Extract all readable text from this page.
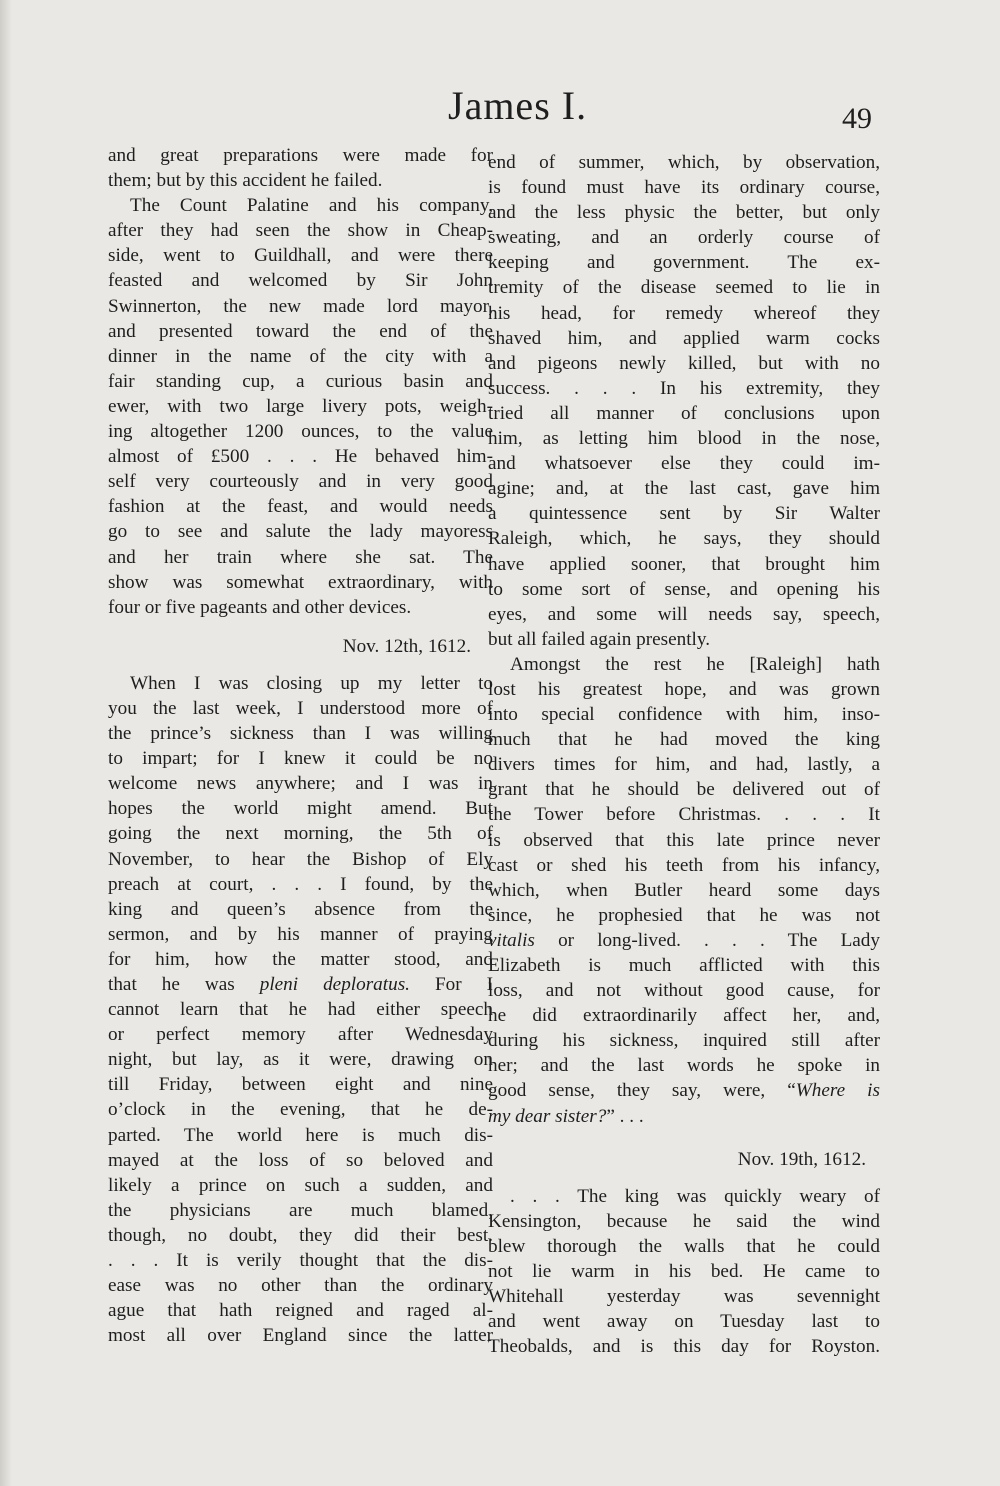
James I.	49

and great preparations were made for
them; but by this accident he failed.

The Count Palatine and his company,
after they had seen the show in Cheap-
side, went to Guildhall, and were there
feasted and welcomed by Sir John
Swinnerton, the new made lord mayor,
and presented toward the end of the
dinner in the name of the city with a
fair standing cup, a curious basin and
ewer, with two large livery pots, weigh-
ing altogether 1200 ounces, to the value
almost of £500 . . . He behaved him-
self very courteously and in very good
fashion at the feast, and would needs
go to see and salute the lady mayoress
and her train where she sat. The
show was somewhat extraordinary, with
four or five pageants and other devices.

Nov. 12th, 1612.

When I was closing up my letter to
you the last week, I understood more of
the prince’s sickness than I was willing
to impart; for I knew it could be no
welcome news anywhere; and I was in
hopes the world might amend. But
going the next morning, the 5th of
November, to hear the Bishop of Ely
preach at court, . . . I found, by the
king and queen’s absence from the
sermon, and by his manner of praying
for him, how the matter stood, and
that he was pleni deploratus. For I
cannot learn that he had either speech
or perfect memory after Wednesday
night, but lay, as it were, drawing on
till Friday, between eight and nine
o’clock in the evening, that he de-
parted. The world here is much dis-
mayed at the loss of so beloved and
likely a prince on such a sudden, and
the physicians are much blamed,
though, no doubt, they did their best.
. . . It is verily thought that the dis-
ease was no other than the ordinary
ague that hath reigned and raged al-
most all over England since the latter

end of summer, which, by observation,
is found must have its ordinary course,
and the less physic the better, but only
sweating, and an orderly course of
keeping and government. The ex-
tremity of the disease seemed to lie in
his head, for remedy whereof they
shaved him, and applied warm cocks
and pigeons newly killed, but with no
success. . . . In his extremity, they
tried all manner of conclusions upon
him, as letting him blood in the nose,
and whatsoever else they could im-
agine; and, at the last cast, gave him
a quintessence sent by Sir Walter
Raleigh, which, he says, they should
have applied sooner, that brought him
to some sort of sense, and opening his
eyes, and some will needs say, speech,
but all failed again presently.

Amongst the rest he [Raleigh] hath
lost his greatest hope, and was grown
into special confidence with him, inso-
much that he had moved the king
divers times for him, and had, lastly, a
grant that he should be delivered out of
the Tower before Christmas. . . . It
is observed that this late prince never
cast or shed his teeth from his infancy,
which, when Butler heard some days
since, he prophesied that he was not
vitalis or long-lived. . . . The Lady
Elizabeth is much afflicted with this
loss, and not without good cause, for
he did extraordinarily affect her, and,
during his sickness, inquired still after
her; and the last words he spoke in
good sense, they say, were, “Where is
my dear sister?” . . .

Nov. 19th, 1612.

. . . The king was quickly weary of
Kensington, because he said the wind
blew thorough the walls that he could
not lie warm in his bed. He came to
Whitehall yesterday was sevennight
and went away on Tuesday last to
Theobalds, and is this day for Royston.
